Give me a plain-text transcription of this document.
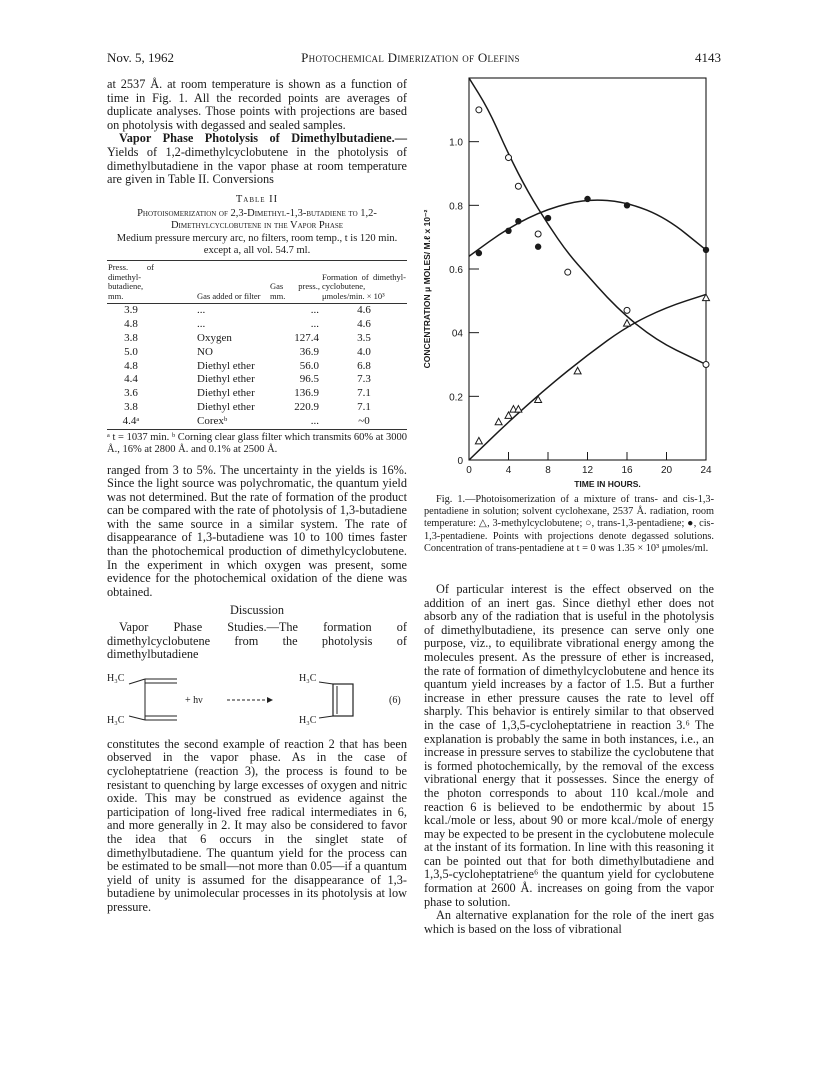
Nov. 5, 1962	Photochemical Dimerization of Olefins	4143

at 2537 Å. at room temperature is shown as a function of time in Fig. 1. All the recorded points are averages of duplicate analyses. Those points with projections are based on photolysis with degassed and sealed samples.

Vapor Phase Photolysis of Dimethylbutadiene.— Yields of 1,2-dimethylcyclobutene in the photolysis of dimethylbutadiene in the vapor phase at room temperature are given in Table II. Conversions

Table II
Photoisomerization of 2,3-Dimethyl-1,3-butadiene to 1,2-Dimethylcyclobutene in the Vapor Phase
Medium pressure mercury arc, no filters, room temp., t is 120 min. except a, all vol. 54.7 ml.
Press. of dimethyl-butadiene, mm.	Gas added or filter	Gas press., mm.	Formation of dimethyl-cyclobutene, μmoles/min. × 10³
3.9	...	...	4.6
4.8	...	...	4.6
3.8	Oxygen	127.4	3.5
5.0	NO	36.9	4.0
4.8	Diethyl ether	56.0	6.8
4.4	Diethyl ether	96.5	7.3
3.6	Diethyl ether	136.9	7.1
3.8	Diethyl ether	220.9	7.1
4.4ᵃ	Corexᵇ	...	~0
ᵃ t = 1037 min. ᵇ Corning clear glass filter which transmits 60% at 3000 Å., 16% at 2800 Å. and 0.1% at 2500 Å.

ranged from 3 to 5%. The uncertainty in the yields is 16%. Since the light source was polychromatic, the quantum yield was not determined. But the rate of formation of the product can be compared with the rate of photolysis of 1,3-butadiene with the same source in a similar system. The rate of disappearance of 1,3-butadiene was 10 to 100 times faster than the photochemical production of dimethylcyclobutene. In the experiment in which oxygen was present, some evidence for the photochemical oxidation of the diene was obtained.

Discussion

Vapor Phase Studies.—The formation of dimethylcyclobutene from the photolysis of dimethylbutadiene

H₃C
H₃C
+ hν
H₃C
H₃C
(6)

constitutes the second example of reaction 2 that has been observed in the vapor phase. As in the case of cycloheptatriene (reaction 3), the process is found to be resistant to quenching by large excesses of oxygen and nitric oxide. This may be construed as evidence against the participation of long-lived free radical intermediates in 6, and more generally in 2. It may also be considered to favor the idea that 6 occurs in the singlet state of dimethylbutadiene. The quantum yield for the process can be estimated to be small—not more than 0.05—if a quantum yield of unity is assumed for the disappearance of 1,3-butadiene by unimolecular processes in its photolysis at low pressure.

0
0.2
04
0.6
0.8
1.0
0	4	8	12	16	20	24
TIME IN HOURS.
CONCENTRATION μ MOLES/ M.ℓ x 10⁻²

Fig. 1.—Photoisomerization of a mixture of trans- and cis-1,3-pentadiene in solution; solvent cyclohexane, 2537 Å. radiation, room temperature: △, 3-methylcyclobutene; ○, trans-1,3-pentadiene; ●, cis-1,3-pentadiene. Points with projections denote degassed solutions. Concentration of trans-pentadiene at t = 0 was 1.35 × 10³ μmoles/ml.

Of particular interest is the effect observed on the addition of an inert gas. Since diethyl ether does not absorb any of the radiation that is useful in the photolysis of dimethylbutadiene, its presence can serve only one purpose, viz., to equilibrate vibrational energy among the molecules present. As the pressure of ether is increased, the rate of formation of dimethylcyclobutene and hence its quantum yield increases by a factor of 1.5. But a further increase in ether pressure causes the rate to level off sharply. This behavior is entirely similar to that observed in the case of 1,3,5-cycloheptatriene in reaction 3.⁶ The explanation is probably the same in both instances, i.e., an increase in pressure serves to stabilize the cyclobutene that is formed photochemically, by the removal of the excess vibrational energy that it possesses. Since the energy of the photon corresponds to about 110 kcal./mole and reaction 6 is believed to be endothermic by about 15 kcal./mole or less, about 90 or more kcal./mole of energy may be expected to be present in the cyclobutene molecule at the instant of its formation. In line with this reasoning it can be pointed out that for both dimethylbutadiene and 1,3,5-cycloheptatriene⁶ the quantum yield for cyclobutene formation at 2600 Å. increases on going from the vapor phase to solution.

An alternative explanation for the role of the inert gas which is based on the loss of vibrational
